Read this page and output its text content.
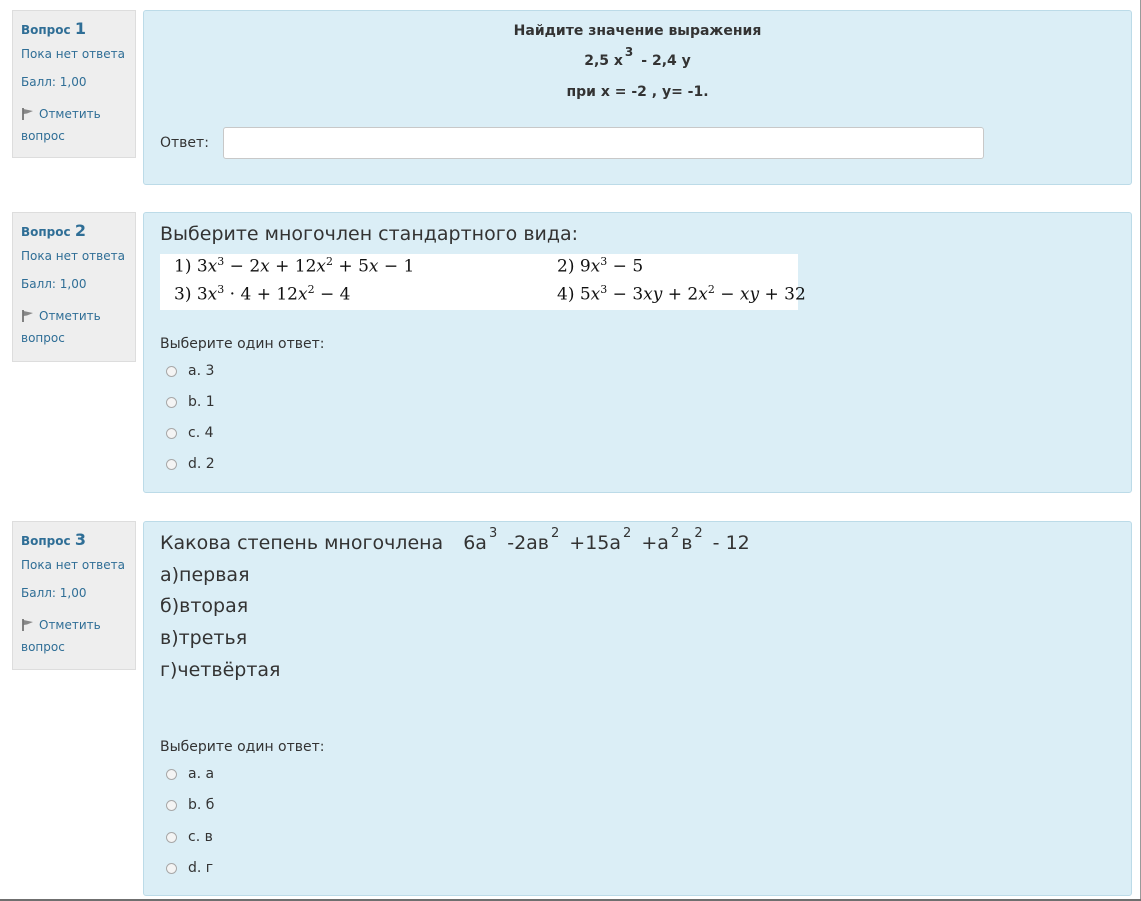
Вопрос 1
Пока нет ответа
Балл: 1,00
Отметить вопрос
Найдите значение выражения
2,5 x3- 2,4 y
при x = -2 , y= -1.
Ответ:
Вопрос 2
Пока нет ответа
Балл: 1,00
Отметить вопрос
Выберите многочлен стандартного вида:
1) $3x^3 - 2x + 12x^2 + 5x - 1$	2) $9x^3 - 5$
3) $3x^3 \cdot 4 + 12x^2 - 4$	4) $5x^3 - 3xy + 2x^2$ − xy + 32
Выберите один ответ:
a. 3
b. 1
c. 4
d. 2
Вопрос 3
Пока нет ответа
Балл: 1,00
Отметить вопрос
Какова степень многочлена 6а $^3$ -2ав $^2$ +15а $^2$ +а $^2$ в $^2$ - 12
а)первая
б)вторая
в)третья
г)четвёртая
Выберите один ответ:
a. а
b. б
c. в
d. г
